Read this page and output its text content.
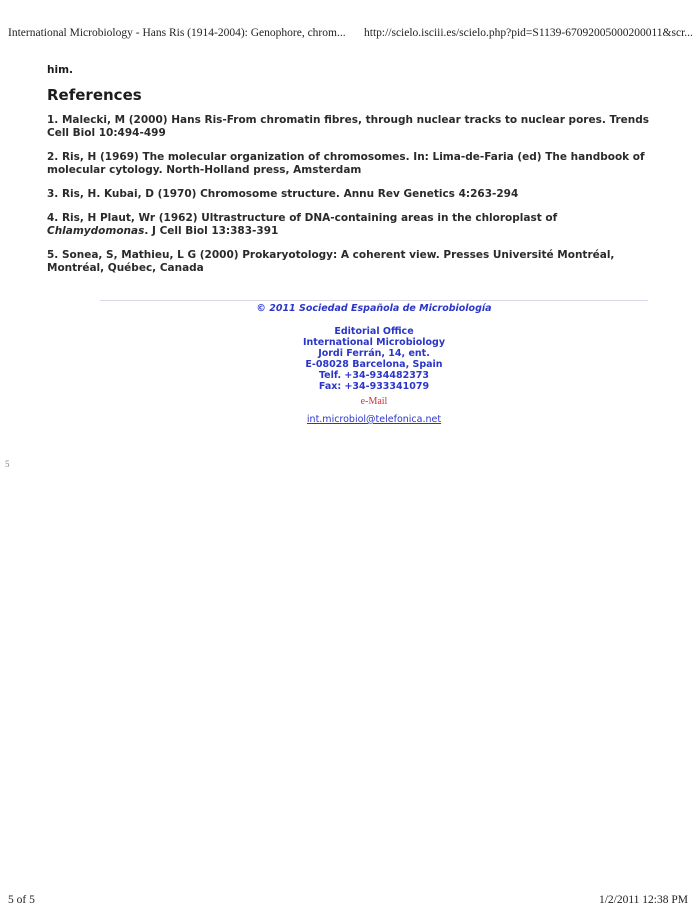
International Microbiology - Hans Ris (1914-2004): Genophore, chrom... http://scielo.isciii.es/scielo.php?pid=S1139-67092005000200011&scr...

him.

References

1. Malecki, M (2000) Hans Ris-From chromatin fibres, through nuclear tracks to nuclear pores. Trends Cell Biol 10:494-499

2. Ris, H (1969) The molecular organization of chromosomes. In: Lima-de-Faria (ed) The handbook of molecular cytology. North-Holland press, Amsterdam

3. Ris, H. Kubai, D (1970) Chromosome structure. Annu Rev Genetics 4:263-294

4. Ris, H Plaut, Wr (1962) Ultrastructure of DNA-containing areas in the chloroplast of Chlamydomonas. J Cell Biol 13:383-391

5. Sonea, S, Mathieu, L G (2000) Prokaryotology: A coherent view. Presses Université Montréal, Montréal, Québec, Canada

© 2011 Sociedad Española de Microbiología

Editorial Office
International Microbiology
Jordi Ferrán, 14, ent.
E-08028 Barcelona, Spain
Telf. +34-934482373
Fax: +34-933341079
e-Mail
int.microbiol@telefonica.net
5
5 of 5	1/2/2011 12:38 PM
